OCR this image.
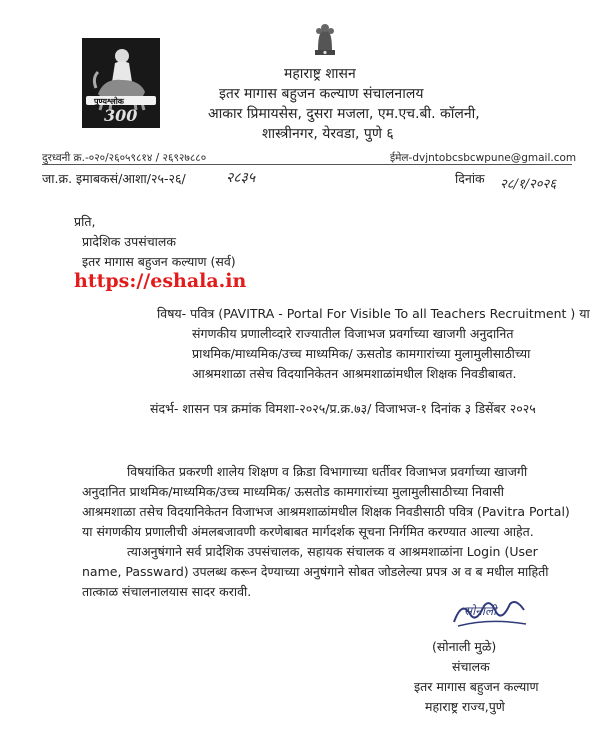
पुण्यश्लोक
300
महाराष्ट्र शासन
इतर मागास बहुजन कल्याण संचालनालय
आकार प्रिमायसेस, दुसरा मजला, एम.एच.बी. कॉलनी,
शास्त्रीनगर, येरवडा, पुणे ६
दुरध्वनी क्र.-०२०/२६०५९८१४ / २६९२७८८०	ईमेल-dvjntobcsbcwpune@gmail.com
जा.क्र. इमाबकसं/आशा/२५-२६/	२८३५	दिनांक २८/१/२०२६
प्रति,
प्रादेशिक उपसंचालक
इतर मागास बहुजन कल्याण (सर्व)
https://eshala.in
विषय- पवित्र (PAVITRA - Portal For Visible To all Teachers Recruitment ) या
संगणकीय प्रणालीव्दारे राज्यातील विजाभज प्रवर्गाच्या खाजगी अनुदानित
प्राथमिक/माध्यमिक/उच्च माध्यमिक/ ऊसतोड कामगारांच्या मुलामुलीसाठीच्या
आश्रमशाळा तसेच विदयानिकेतन आश्रमशाळांमधील शिक्षक निवडीबाबत.
संदर्भ- शासन पत्र क्रमांक विमशा-२०२५/प्र.क्र.७३/ विजाभज-१ दिनांक ३ डिसेंबर २०२५
विषयांकित प्रकरणी शालेय शिक्षण व क्रिडा विभागाच्या धर्तीवर विजाभज प्रवर्गाच्या खाजगी
अनुदानित प्राथमिक/माध्यमिक/उच्च माध्यमिक/ ऊसतोड कामगारांच्या मुलामुलीसाठीच्या निवासी
आश्रमशाळा तसेच विदयानिकेतन विजाभज आश्रमशाळांमधील शिक्षक निवडीसाठी पवित्र (Pavitra Portal)
या संगणकीय प्रणालीची अंमलबजावणी करणेबाबत मार्गदर्शक सूचना निर्गमित करण्यात आल्या आहेत.
त्याअनुषंगाने सर्व प्रादेशिक उपसंचालक, सहायक संचालक व आश्रमशाळांना Login (User
name, Passward) उपलब्ध करून देण्याच्या अनुषंगाने सोबत जोडलेल्या प्रपत्र अ व ब मधील माहिती
तात्काळ संचालनालयास सादर करावी.
सोनाली
(सोनाली मुळे)
संचालक
इतर मागास बहुजन कल्याण
महाराष्ट्र राज्य,पुणे
